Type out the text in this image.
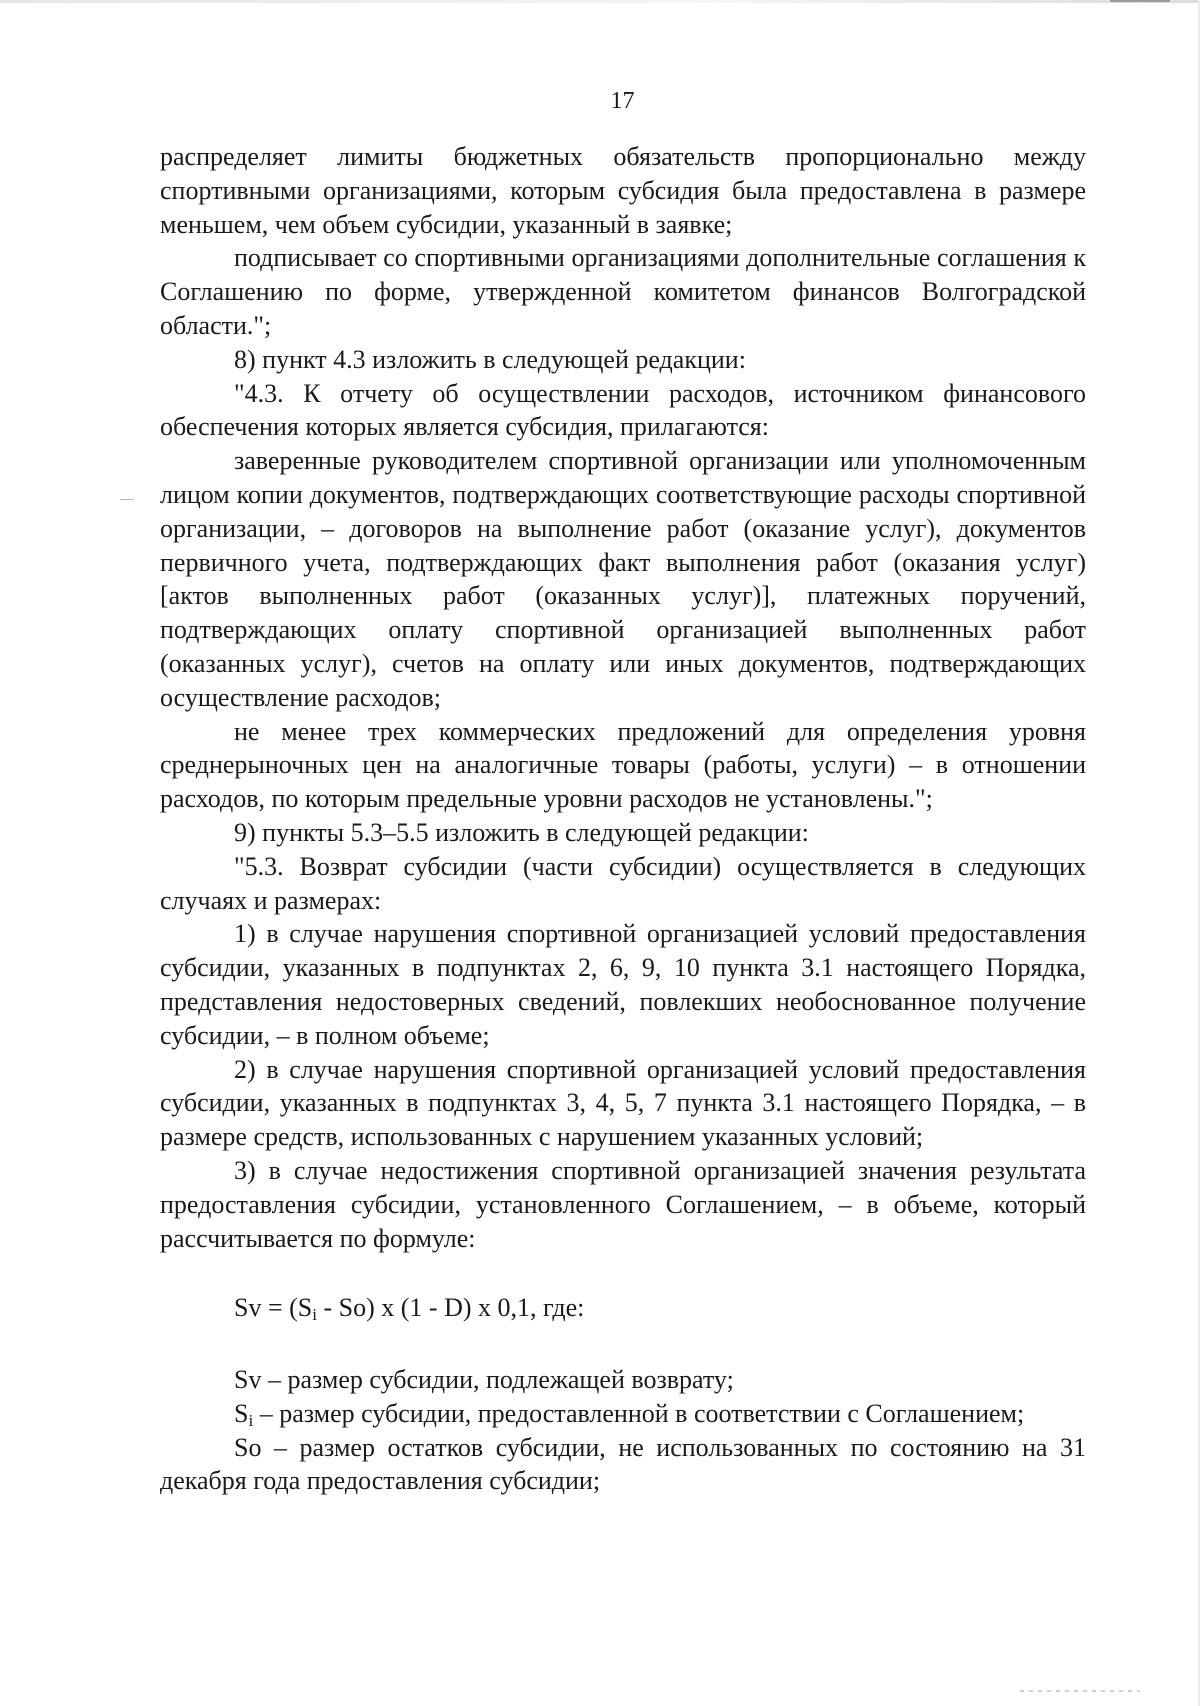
17

распределяет лимиты бюджетных обязательств пропорционально между спортивными организациями, которым субсидия была предоставлена в размере меньшем, чем объем субсидии, указанный в заявке;

подписывает со спортивными организациями дополнительные соглашения к Соглашению по форме, утвержденной комитетом финансов Волгоградской области.";

8) пункт 4.3 изложить в следующей редакции:

"4.3. К отчету об осуществлении расходов, источником финансового обеспечения которых является субсидия, прилагаются:

заверенные руководителем спортивной организации или уполномоченным лицом копии документов, подтверждающих соответствующие расходы спортивной организации, – договоров на выполнение работ (оказание услуг), документов первичного учета, подтверждающих факт выполнения работ (оказания услуг) [актов выполненных работ (оказанных услуг)], платежных поручений, подтверждающих оплату спортивной организацией выполненных работ (оказанных услуг), счетов на оплату или иных документов, подтверждающих осуществление расходов;

не менее трех коммерческих предложений для определения уровня среднерыночных цен на аналогичные товары (работы, услуги) – в отношении расходов, по которым предельные уровни расходов не установлены.";

9) пункты 5.3–5.5 изложить в следующей редакции:

"5.3. Возврат субсидии (части субсидии) осуществляется в следующих случаях и размерах:

1) в случае нарушения спортивной организацией условий предоставления субсидии, указанных в подпунктах 2, 6, 9, 10 пункта 3.1 настоящего Порядка, представления недостоверных сведений, повлекших необоснованное получение субсидии, – в полном объеме;

2) в случае нарушения спортивной организацией условий предоставления субсидии, указанных в подпунктах 3, 4, 5, 7 пункта 3.1 настоящего Порядка, – в размере средств, использованных с нарушением указанных условий;

3) в случае недостижения спортивной организацией значения результата предоставления субсидии, установленного Соглашением, – в объеме, который рассчитывается по формуле:

$Sv = (S_i - So)$ x (1 - D) x 0,1, где:

Sv – размер субсидии, подлежащей возврату;

$S_i$ – размер субсидии, предоставленной в соответствии с Соглашением;

So – размер остатков субсидии, не использованных по состоянию на 31 декабря года предоставления субсидии;
